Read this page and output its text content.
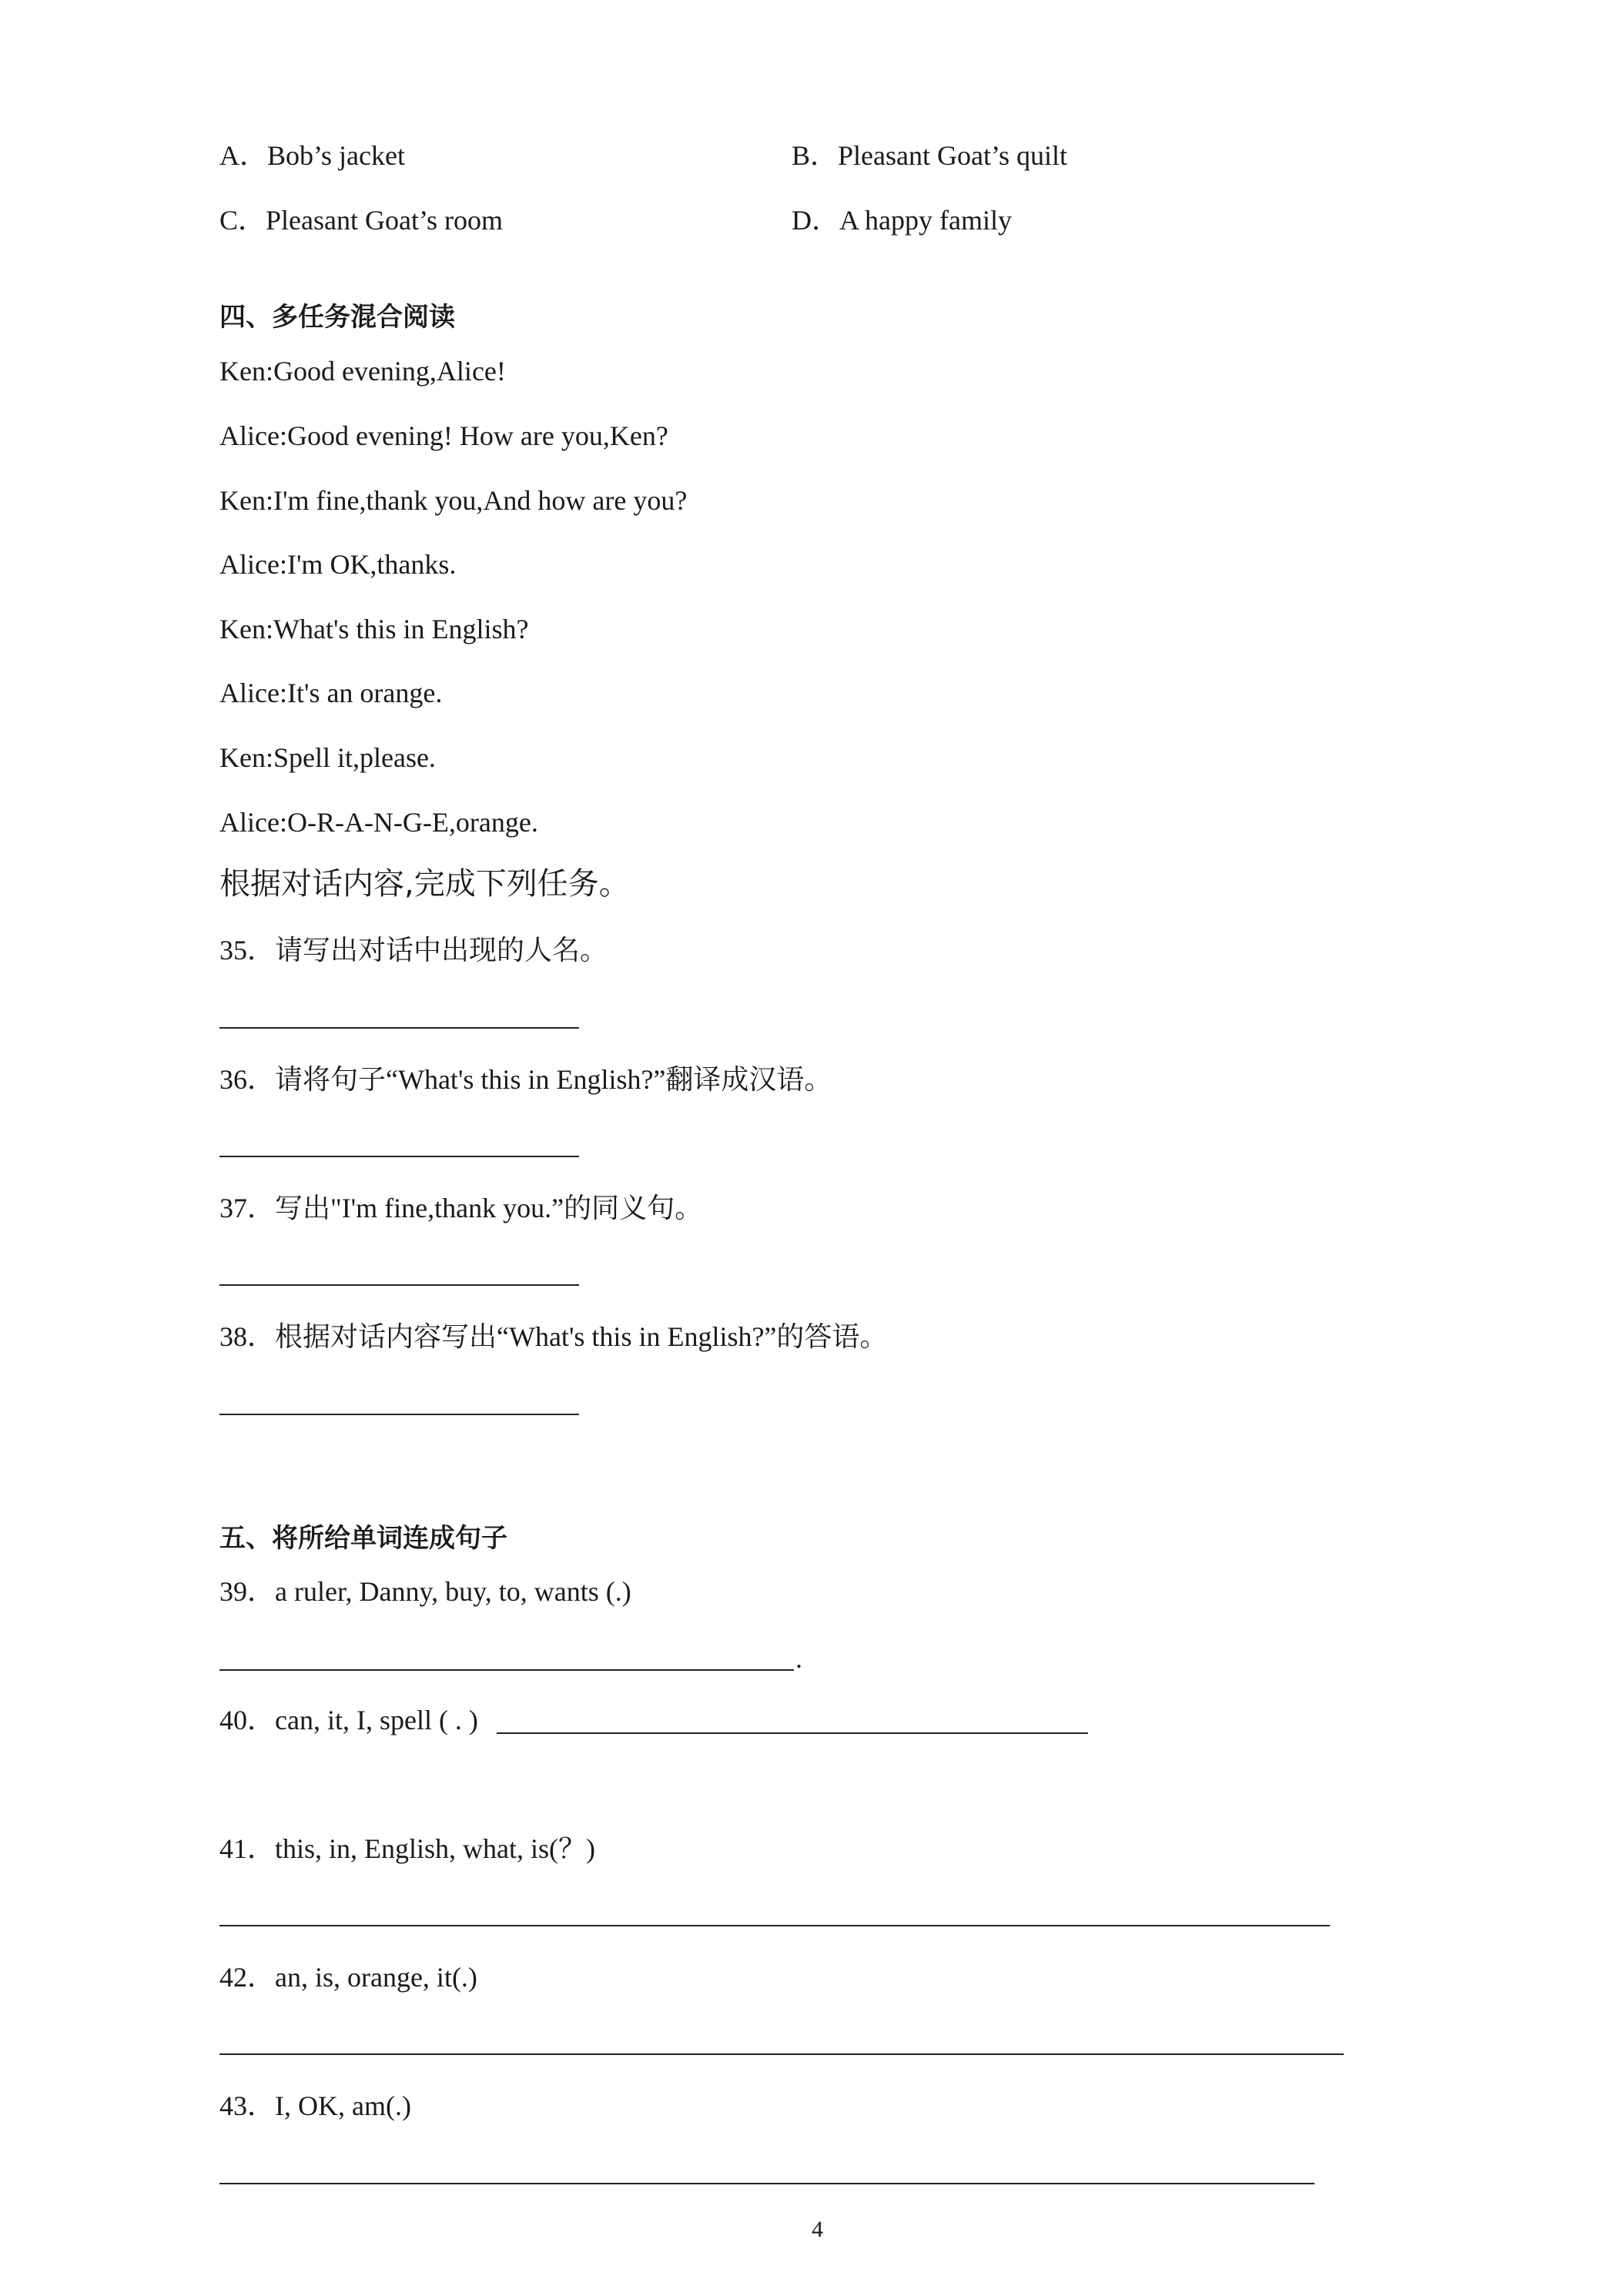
A．Bob’s jacket	B．Pleasant Goat’s quilt
C．Pleasant Goat’s room	D．A happy family
四、多任务混合阅读
Ken:Good evening,Alice!
Alice:Good evening! How are you,Ken?
Ken:I'm fine,thank you,And how are you?
Alice:I'm OK,thanks.
Ken:What's this in English?
Alice:It's an orange.
Ken:Spell it,please.
Alice:O-R-A-N-G-E,orange.
根据对话内容,完成下列任务。
35．请写出对话中出现的人名。
36．请将句子“What's this in English?”翻译成汉语。
37．写出"I'm fine,thank you.”的同义句。
38．根据对话内容写出“What's this in English?”的答语。
五、将所给单词连成句子
39．a ruler, Danny, buy, to, wants (.)
.
40．can, it, I, spell ( . )
41．this, in, English, what, is(？)
42．an, is, orange, it(.)
43．I, OK, am(.)
4
